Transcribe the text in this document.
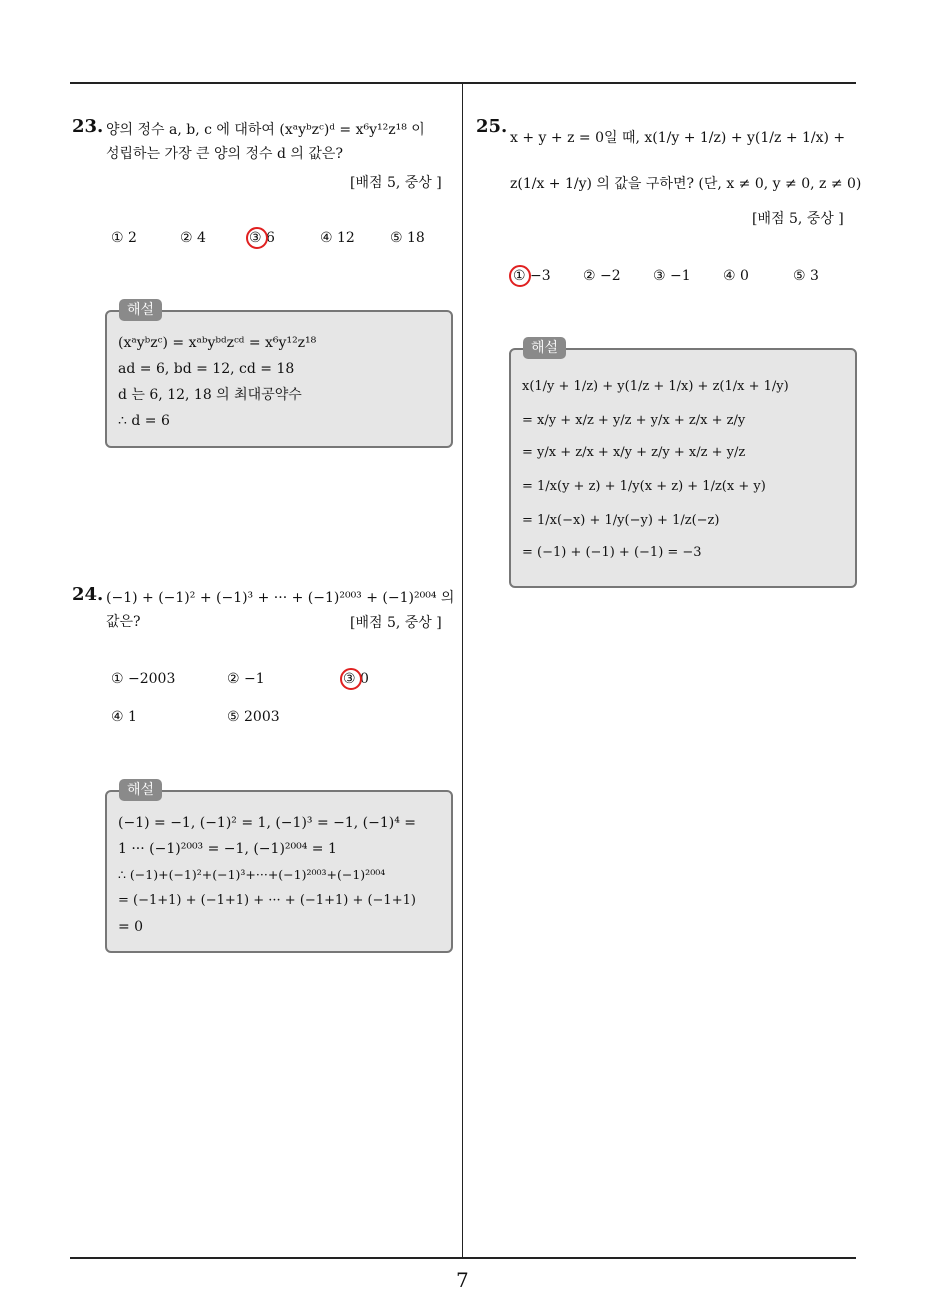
23. 양의 정수 a, b, c 에 대하여 (xᵃyᵇzᶜ)ᵈ = x⁶y¹²z¹⁸ 이
성립하는 가장 큰 양의 정수 d 의 값은?
[배점 5, 중상 ]
① 2	② 4	③ 6	④ 12	⑤ 18
해설
(xᵃyᵇzᶜ) = xᵃᵇyᵇᵈzᶜᵈ = x⁶y¹²z¹⁸
ad = 6, bd = 12, cd = 18
d 는 6, 12, 18 의 최대공약수
∴ d = 6
24. (−1) + (−1)² + (−1)³ + ··· + (−1)²⁰⁰³ + (−1)²⁰⁰⁴ 의
값은?	[배점 5, 중상 ]
① −2003	② −1	③ 0
④ 1	⑤ 2003
해설
(−1) = −1, (−1)² = 1, (−1)³ = −1, (−1)⁴ =
1 ··· (−1)²⁰⁰³ = −1, (−1)²⁰⁰⁴ = 1
∴ (−1)+(−1)²+(−1)³+···+(−1)²⁰⁰³+(−1)²⁰⁰⁴
= (−1+1) + (−1+1) + ··· + (−1+1) + (−1+1)
= 0
25.
x + y + z = 0일 때, x(1/y + 1/z) + y(1/z + 1/x) +
z(1/x + 1/y) 의 값을 구하면? (단, x ≠ 0, y ≠ 0, z ≠ 0)
[배점 5, 중상 ]
① −3 ② −2 ③ −1 ④ 0	⑤ 3
해설
x(1/y + 1/z) + y(1/z + 1/x) + z(1/x + 1/y)
= x/y + x/z + y/z + y/x + z/x + z/y
= y/x + z/x + x/y + z/y + x/z + y/z
= 1/x(y + z) + 1/y(x + z) + 1/z(x + y)
= 1/x(−x) + 1/y(−y) + 1/z(−z)
= (−1) + (−1) + (−1) = −3
7
